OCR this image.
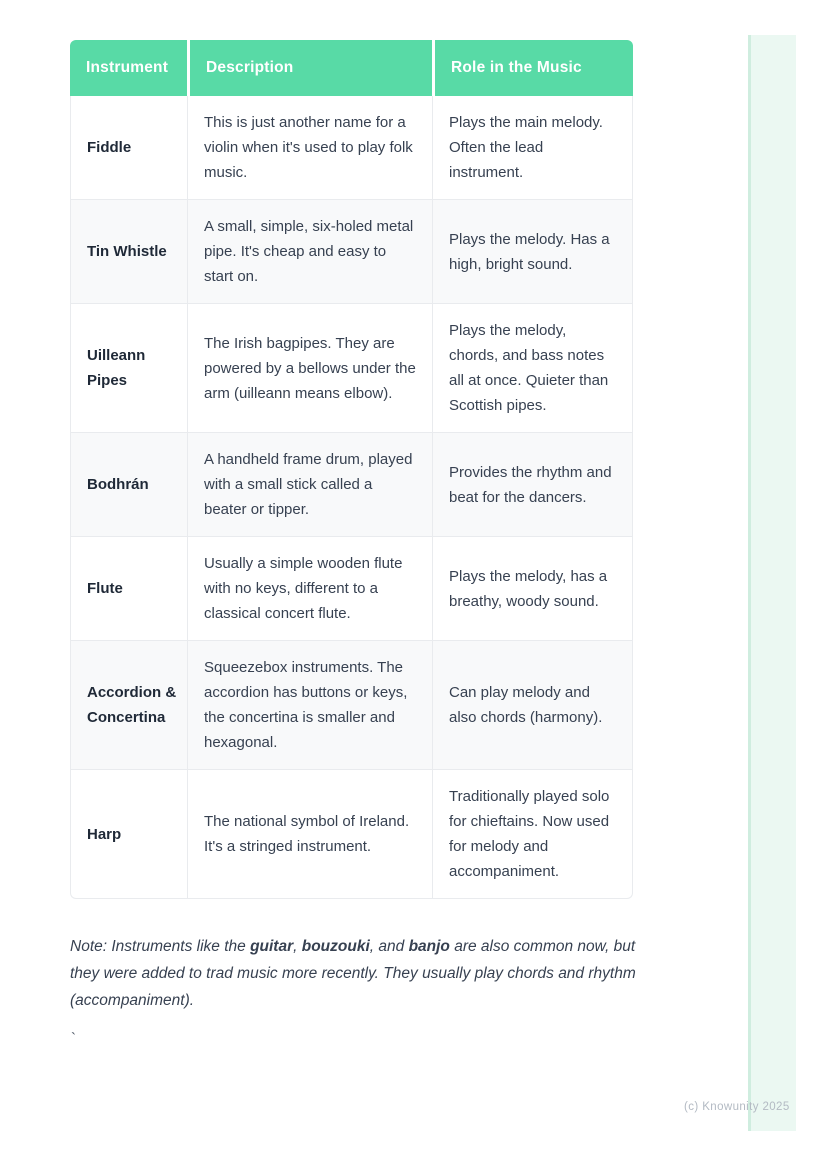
Instrument	Description	Role in the Music
Fiddle	This is just another name for a violin when it's used to play folk music.	Plays the main melody. Often the lead instrument.
Tin Whistle	A small, simple, six-holed metal pipe. It's cheap and easy to start on.	Plays the melody. Has a high, bright sound.
Uilleann Pipes	The Irish bagpipes. They are powered by a bellows under the arm (uilleann means elbow).	Plays the melody, chords, and bass notes all at once. Quieter than Scottish pipes.
Bodhrán	A handheld frame drum, played with a small stick called a beater or tipper.	Provides the rhythm and beat for the dancers.
Flute	Usually a simple wooden flute with no keys, different to a classical concert flute.	Plays the melody, has a breathy, woody sound.
Accordion & Concertina	Squeezebox instruments. The accordion has buttons or keys, the concertina is smaller and hexagonal.	Can play melody and also chords (harmony).
Harp	The national symbol of Ireland. It's a stringed instrument.	Traditionally played solo for chieftains. Now used for melody and accompaniment.

Note: Instruments like the guitar, bouzouki, and banjo are also common now, but they were added to trad music more recently. They usually play chords and rhythm (accompaniment).

`
(c) Knowunity 2025
